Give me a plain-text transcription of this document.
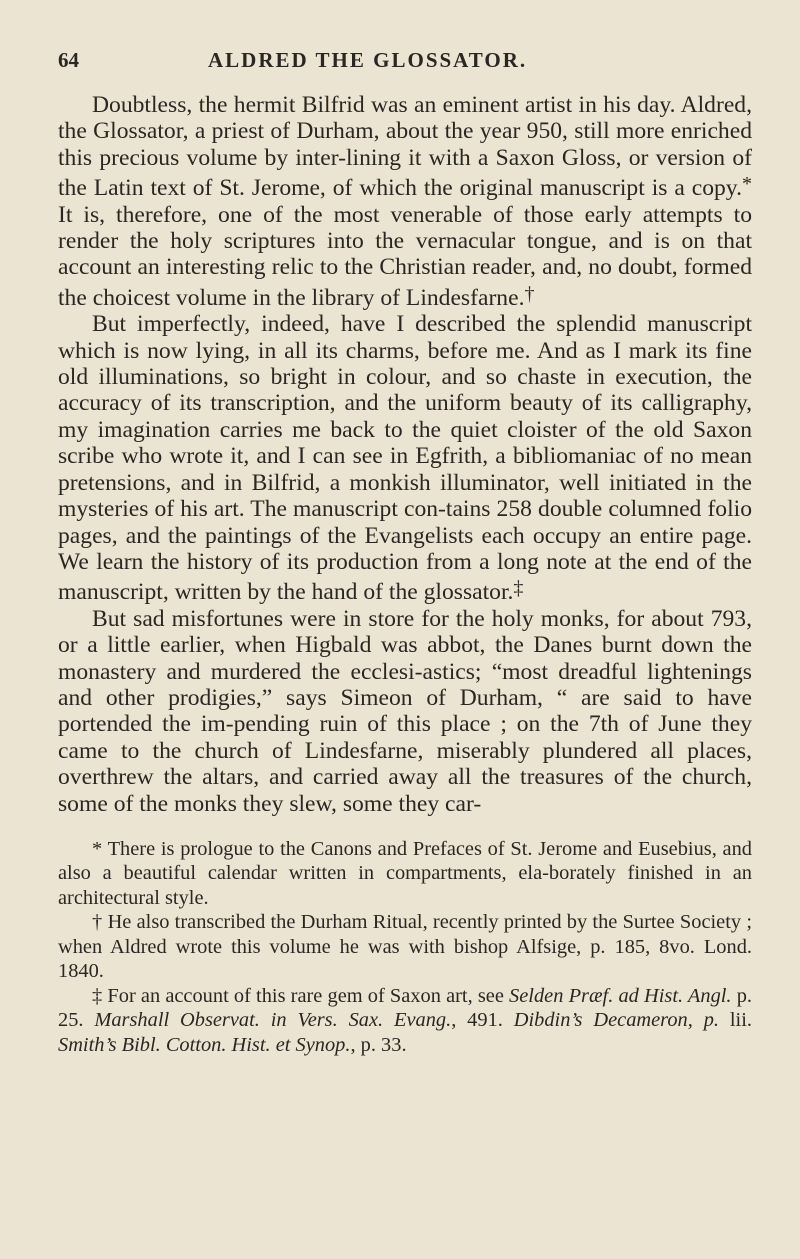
64	ALDRED THE GLOSSATOR.

Doubtless, the hermit Bilfrid was an eminent artist in his day. Aldred, the Glossator, a priest of Durham, about the year 950, still more enriched this precious volume by inter-lining it with a Saxon Gloss, or version of the Latin text of St. Jerome, of which the original manuscript is a copy.* It is, therefore, one of the most venerable of those early attempts to render the holy scriptures into the vernacular tongue, and is on that account an interesting relic to the Christian reader, and, no doubt, formed the choicest volume in the library of Lindesfarne.†

But imperfectly, indeed, have I described the splendid manuscript which is now lying, in all its charms, before me. And as I mark its fine old illuminations, so bright in colour, and so chaste in execution, the accuracy of its transcription, and the uniform beauty of its calligraphy, my imagination carries me back to the quiet cloister of the old Saxon scribe who wrote it, and I can see in Egfrith, a bibliomaniac of no mean pretensions, and in Bilfrid, a monkish illuminator, well initiated in the mysteries of his art. The manuscript con-tains 258 double columned folio pages, and the paintings of the Evangelists each occupy an entire page. We learn the history of its production from a long note at the end of the manuscript, written by the hand of the glossator.‡

But sad misfortunes were in store for the holy monks, for about 793, or a little earlier, when Higbald was abbot, the Danes burnt down the monastery and murdered the ecclesi-astics; “most dreadful lightenings and other prodigies,” says Simeon of Durham, “ are said to have portended the im-pending ruin of this place ; on the 7th of June they came to the church of Lindesfarne, miserably plundered all places, overthrew the altars, and carried away all the treasures of the church, some of the monks they slew, some they car-

* There is prologue to the Canons and Prefaces of St. Jerome and Eusebius, and also a beautiful calendar written in compartments, ela-borately finished in an architectural style.

† He also transcribed the Durham Ritual, recently printed by the Surtee Society ; when Aldred wrote this volume he was with bishop Alfsige, p. 185, 8vo. Lond. 1840.

‡ For an account of this rare gem of Saxon art, see Selden Præf. ad Hist. Angl. p. 25. Marshall Observat. in Vers. Sax. Evang., 491. Dibdin’s Decameron, p. lii. Smith’s Bibl. Cotton. Hist. et Synop., p. 33.
